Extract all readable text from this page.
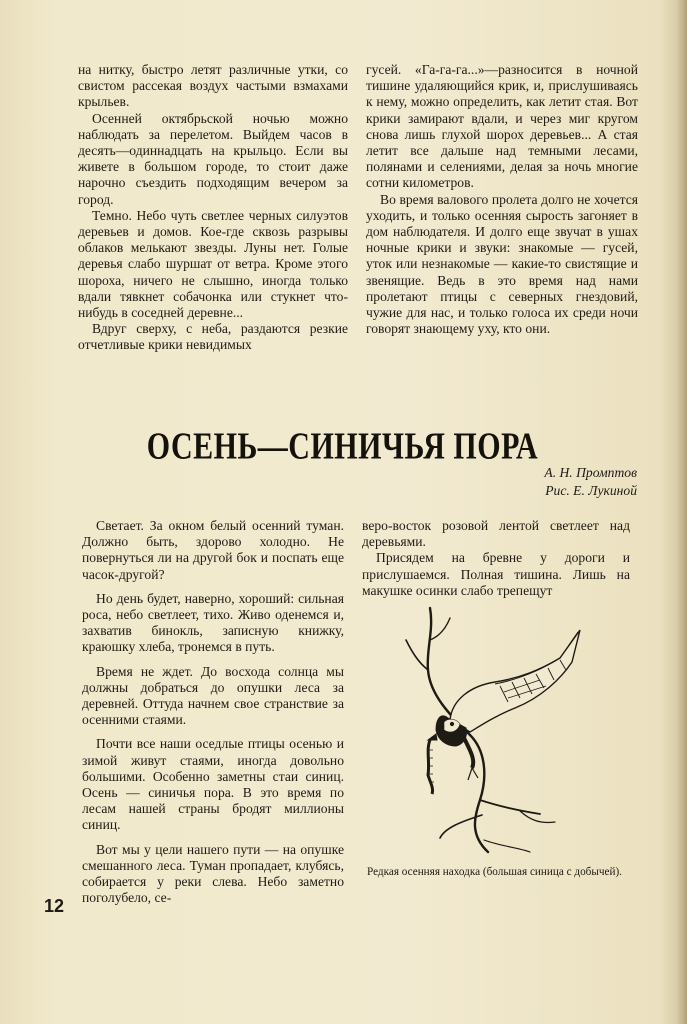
на нитку, быстро летят различные утки, со свистом рассекая воздух частыми взмахами крыльев.

Осенней октябрьской ночью можно наблюдать за перелетом. Выйдем часов в десять—одиннадцать на крыльцо. Если вы живете в большом городе, то стоит даже нарочно съездить подходящим вечером за город.

Темно. Небо чуть светлее черных силуэтов деревьев и домов. Кое-где сквозь разрывы облаков мелькают звезды. Луны нет. Голые деревья слабо шуршат от ветра. Кроме этого шороха, ничего не слышно, иногда только вдали тявкнет собачонка или стукнет что-нибудь в соседней деревне...

Вдруг сверху, с неба, раздаются резкие отчетливые крики невидимых

гусей. «Га-га-га...»—разносится в ночной тишине удаляющийся крик, и, прислушиваясь к нему, можно определить, как летит стая. Вот крики замирают вдали, и через миг кругом снова лишь глухой шорох деревьев... А стая летит все дальше над темными лесами, полянами и селениями, делая за ночь многие сотни километров.

Во время валового пролета долго не хочется уходить, и только осенняя сырость загоняет в дом наблюдателя. И долго еще звучат в ушах ночные крики и звуки: знакомые — гусей, уток или незнакомые — какие-то свистящие и звенящие. Ведь в это время над нами пролетают птицы с северных гнездовий, чужие для нас, и только голоса их среди ночи говорят знающему уху, кто они.

ОСЕНЬ—СИНИЧЬЯ ПОРА
А. Н. Промптов
Рис. Е. Лукиной

Светает. За окном белый осенний туман. Должно быть, здорово холодно. Не повернуться ли на другой бок и поспать еще часок-другой?

Но день будет, наверно, хороший: сильная роса, небо светлеет, тихо. Живо оденемся и, захватив бинокль, записную книжку, краюшку хлеба, тронемся в путь.

Время не ждет. До восхода солнца мы должны добраться до опушки леса за деревней. Оттуда начнем свое странствие за осенними стаями.

Почти все наши оседлые птицы осенью и зимой живут стаями, иногда довольно большими. Особенно заметны стаи синиц. Осень — синичья пора. В это время по лесам нашей страны бродят миллионы синиц.

Вот мы у цели нашего пути — на опушке смешанного леса. Туман пропадает, клубясь, собирается у реки слева. Небо заметно поголубело, се-

веро-восток розовой лентой светлеет над деревьями.

Присядем на бревне у дороги и прислушаемся. Полная тишина. Лишь на макушке осинки слабо трепещут

Редкая осенняя находка (большая синица с добычей).
12
